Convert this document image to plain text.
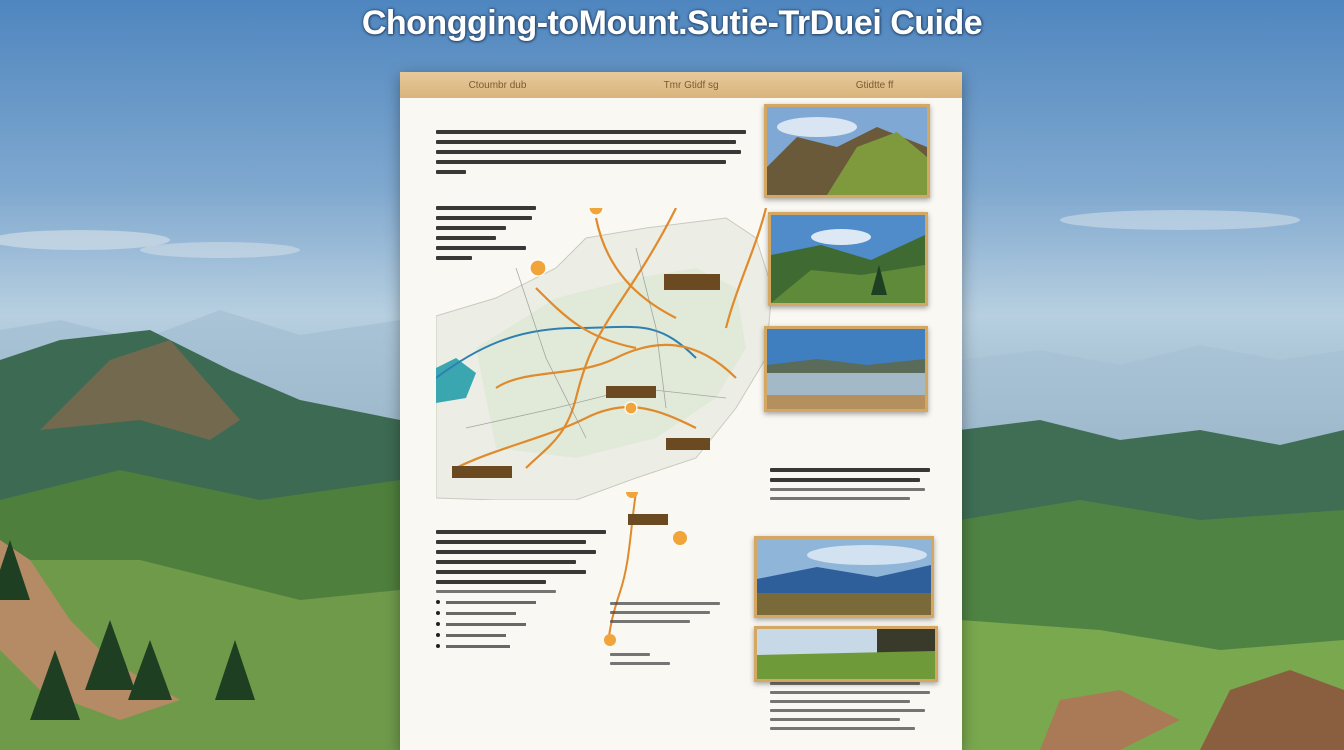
Chongging-toMount.Sutie-TrDuei Cuide
Ctoumbr dub	Tmr Gtidf sg	Gtidtte ff
